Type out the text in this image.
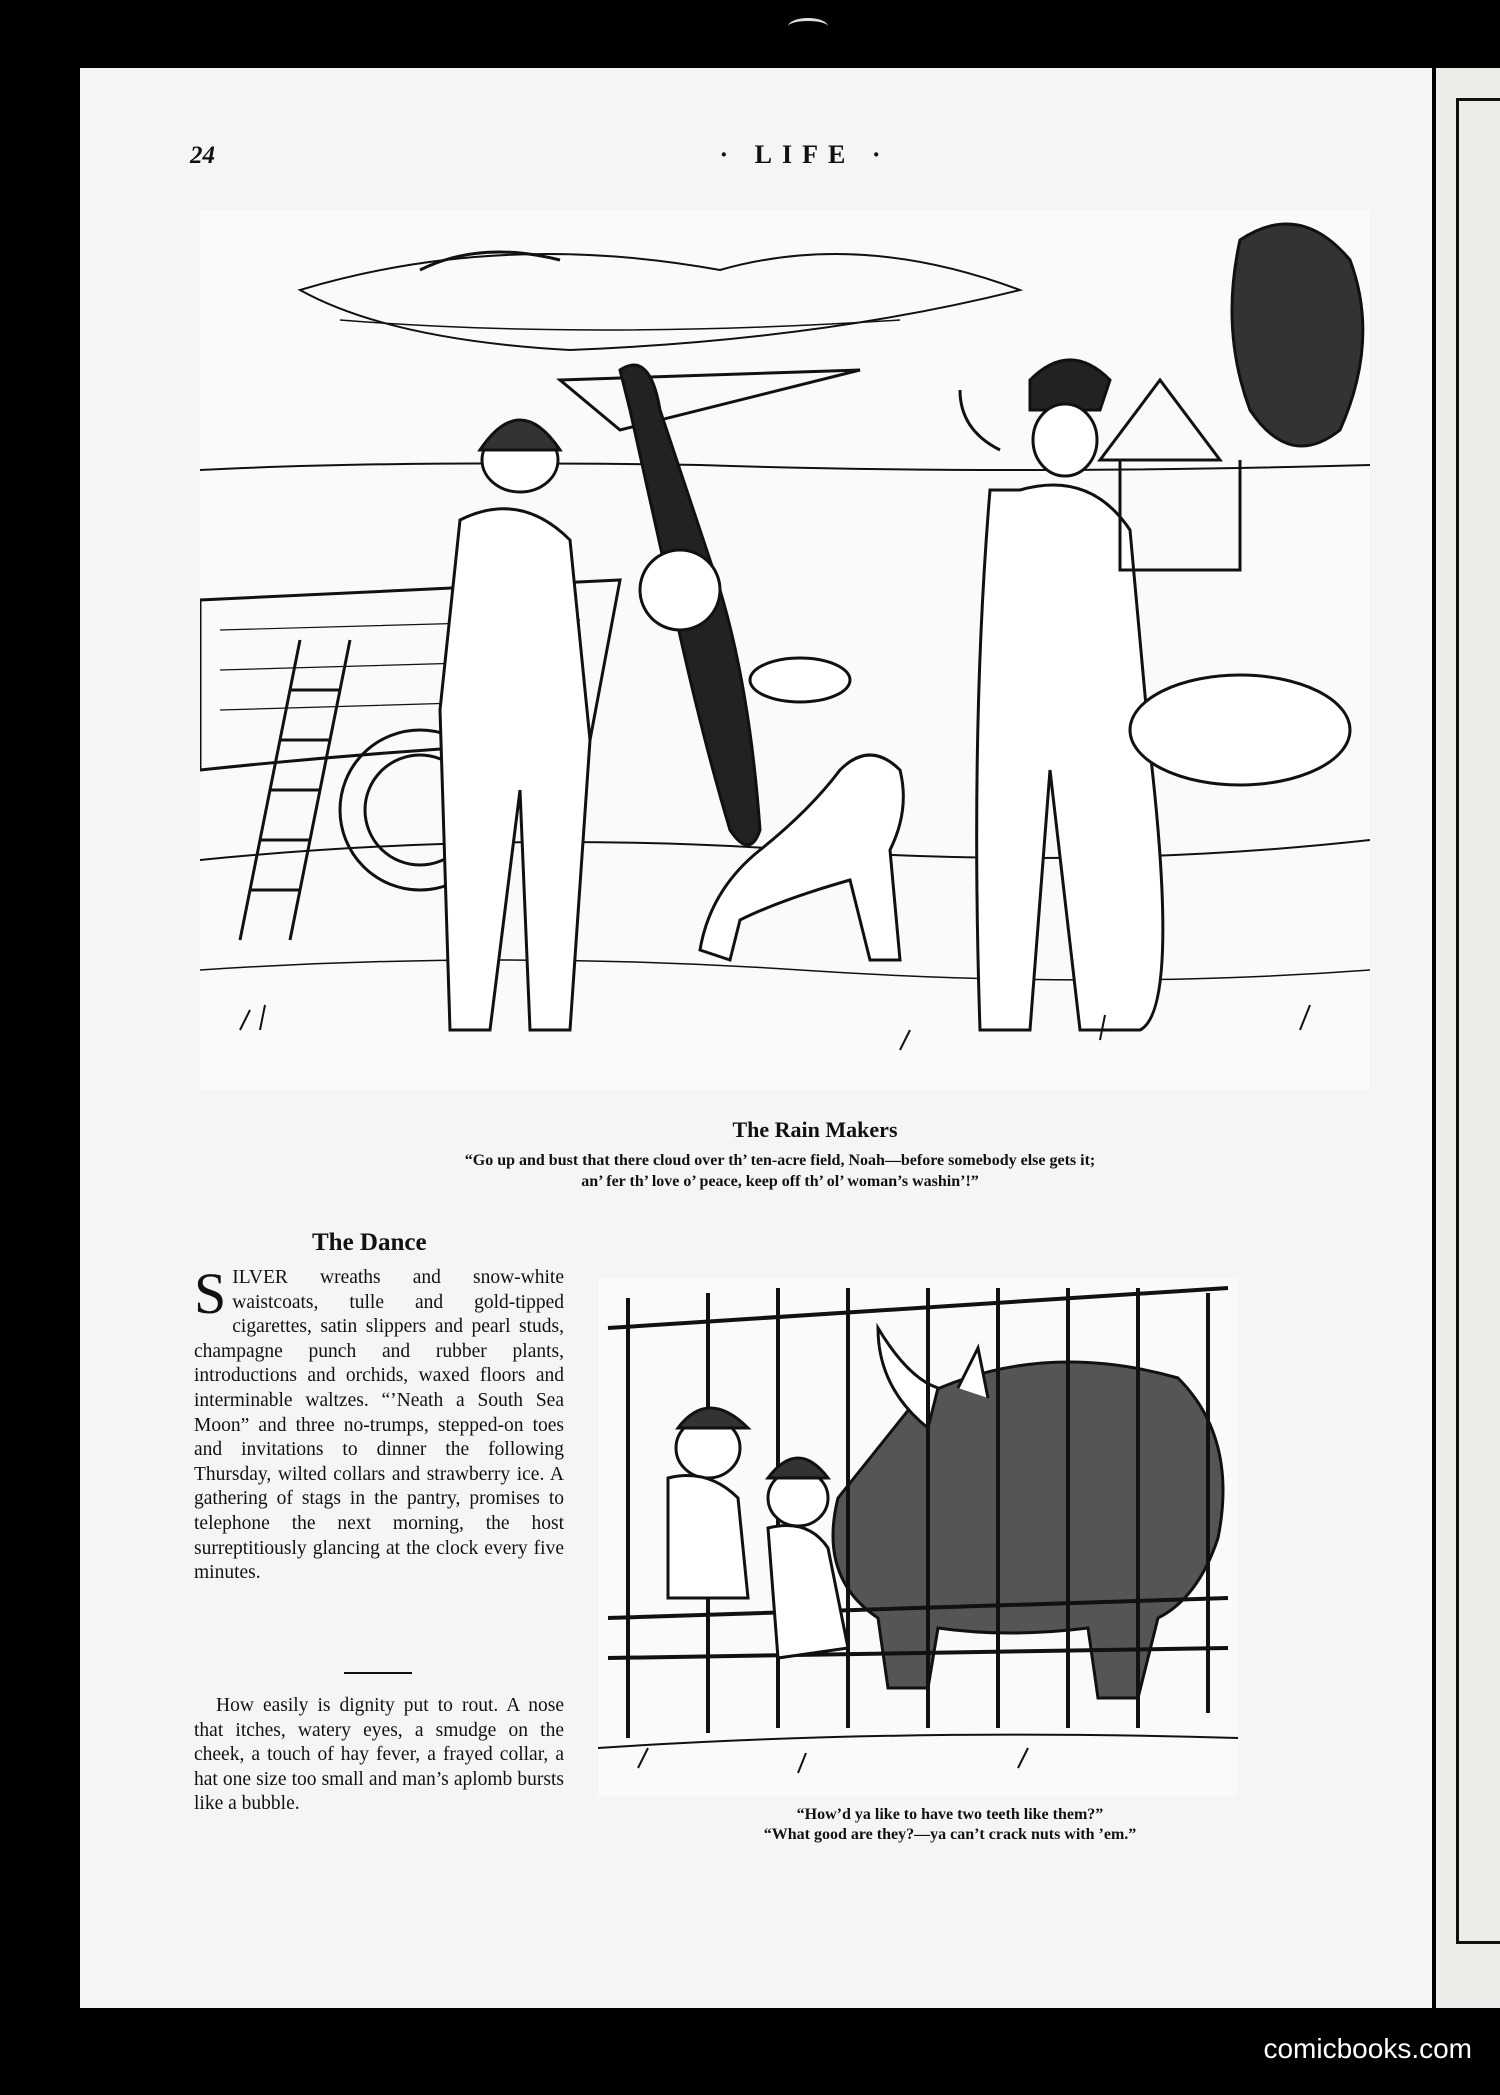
24	· LIFE ·
The Rain Makers
“Go up and bust that there cloud over th’ ten-acre field, Noah—before somebody else gets it;
an’ fer th’ love o’ peace, keep off th’ ol’ woman’s washin’!”
The Dance

SILVER wreaths and snow-white waistcoats, tulle and gold-tipped cigarettes, satin slippers and pearl studs, champagne punch and rubber plants, introductions and orchids, waxed floors and interminable waltzes. “’Neath a South Sea Moon” and three no-trumps, stepped-on toes and invitations to dinner the following Thursday, wilted collars and strawberry ice. A gathering of stags in the pantry, promises to telephone the next morning, the host surreptitiously glancing at the clock every five minutes.

How easily is dignity put to rout. A nose that itches, watery eyes, a smudge on the cheek, a touch of hay fever, a frayed collar, a hat one size too small and man’s aplomb bursts like a bubble.
“How’d ya like to have two teeth like them?”
“What good are they?—ya can’t crack nuts with ’em.”
comicbooks.com
